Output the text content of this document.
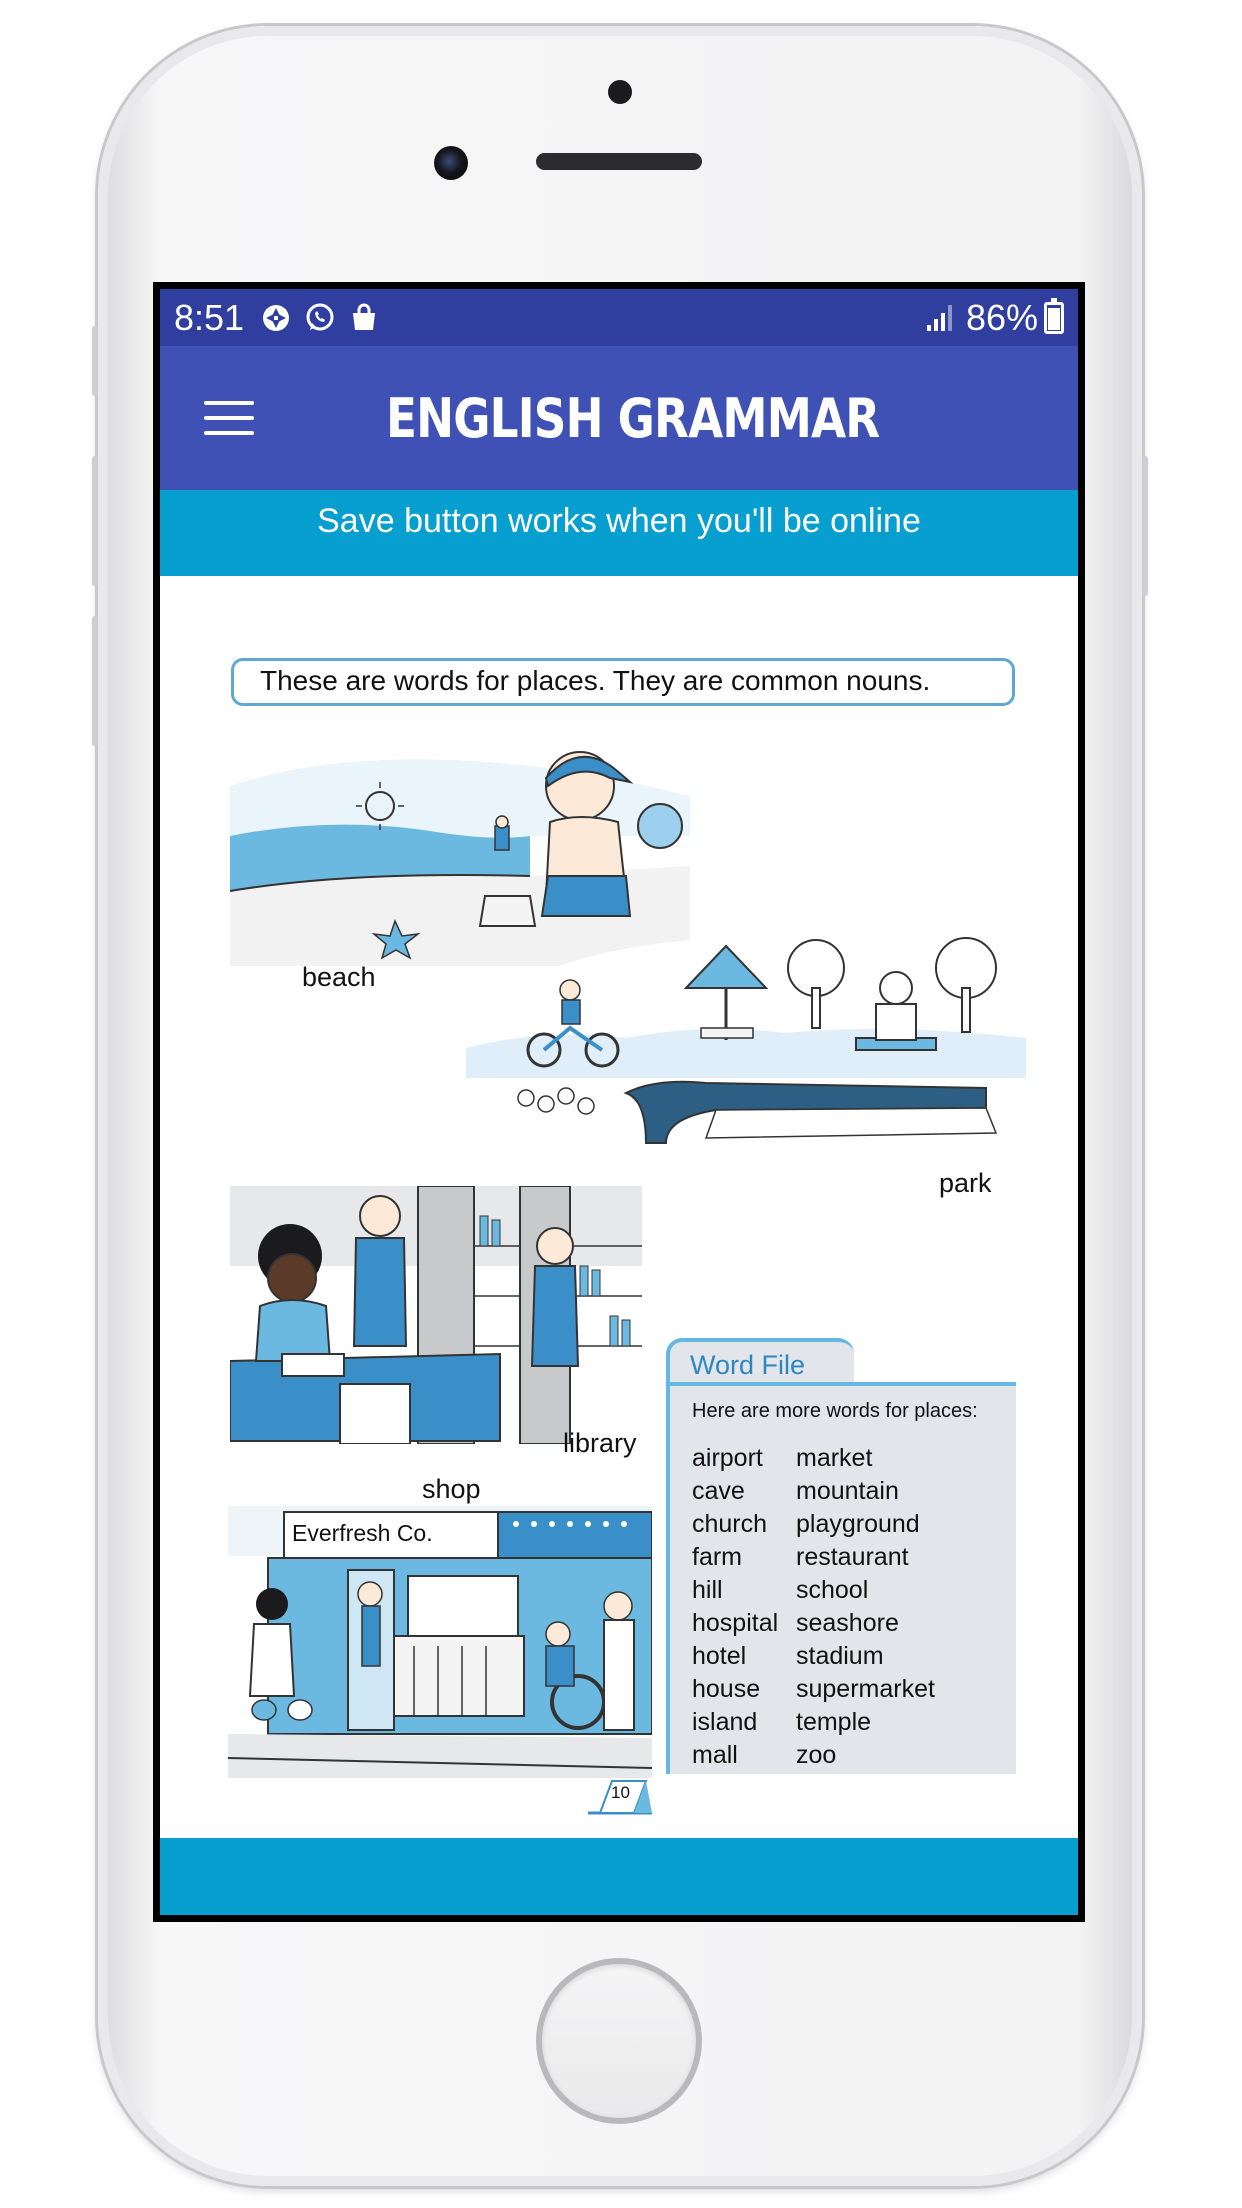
8:51	86%
ENGLISH GRAMMAR
Save button works when you'll be online
These are words for places. They are common nouns.
beach
park
library
shop
Everfresh Co.
Word File
Here are more words for places:
airport
cave
church
farm
hill
hospital
hotel
house
island
mall
market
mountain
playground
restaurant
school
seashore
stadium
supermarket
temple
zoo
10
